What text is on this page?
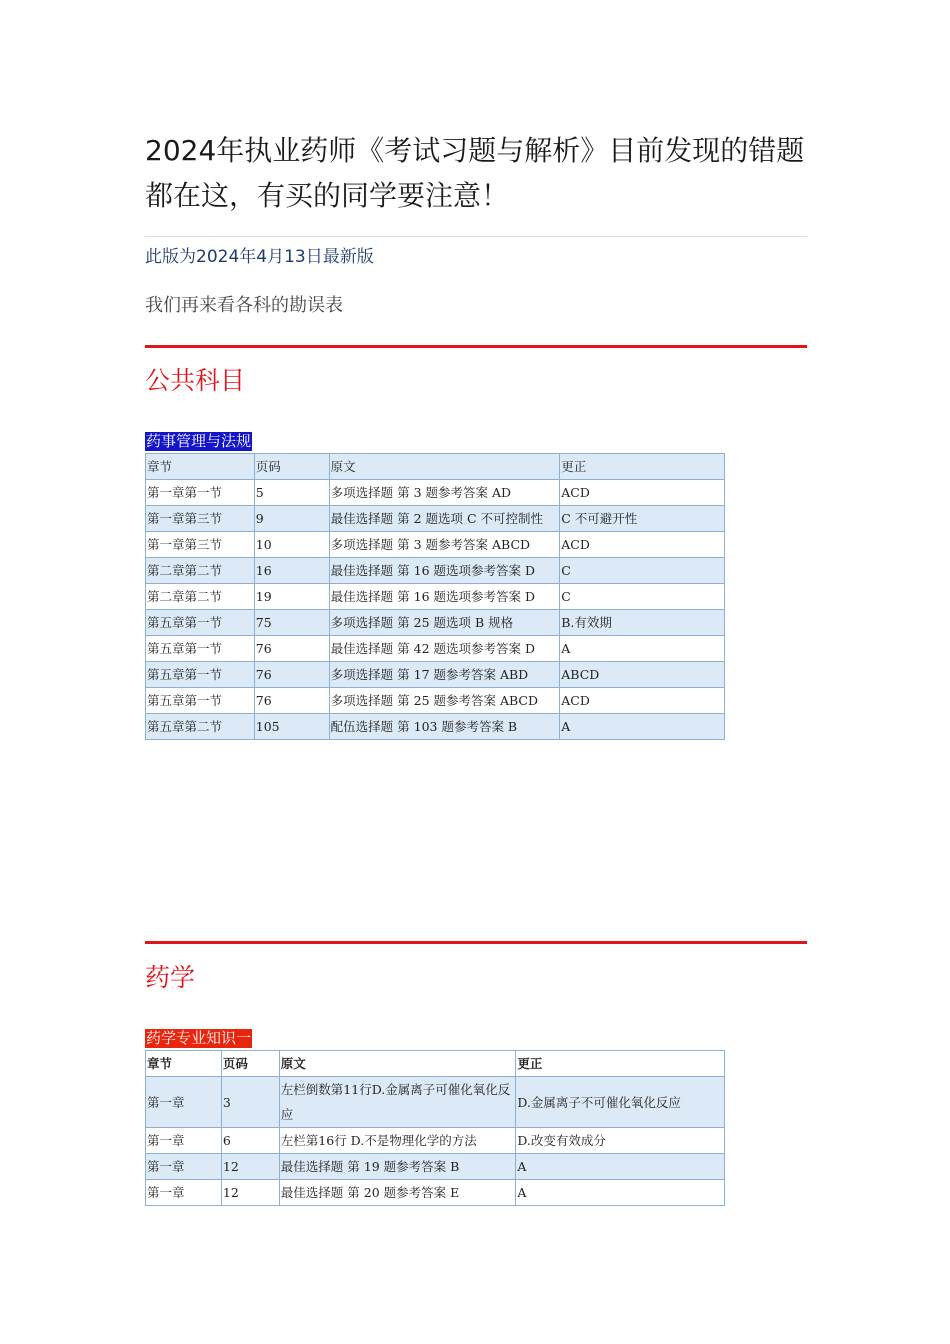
2024年执业药师《考试习题与解析》目前发现的错题都在这，有买的同学要注意！
此版为2024年4月13日最新版
我们再来看各科的勘误表
公共科目
药事管理与法规
章节	页码	原文	更正
第一章第一节	5	多项选择题 第 3 题参考答案 AD	ACD
第一章第三节	9	最佳选择题 第 2 题选项 C 不可控制性	C 不可避开性
第一章第三节	10	多项选择题 第 3 题参考答案 ABCD	ACD
第二章第二节	16	最佳选择题 第 16 题选项参考答案 D	C
第二章第二节	19	最佳选择题 第 16 题选项参考答案 D	C
第五章第一节	75	多项选择题 第 25 题选项 B 规格	B.有效期
第五章第一节	76	最佳选择题 第 42 题选项参考答案 D	A
第五章第一节	76	多项选择题 第 17 题参考答案 ABD	ABCD
第五章第一节	76	多项选择题 第 25 题参考答案 ABCD	ACD
第五章第二节	105	配伍选择题 第 103 题参考答案 B	A
药学
药学专业知识一
章节	页码	原文	更正
第一章	3	左栏倒数第11行D.金属离子可催化氧化反应	D.金属离子不可催化氧化反应
第一章	6	左栏第16行 D.不是物理化学的方法	D.改变有效成分
第一章	12	最佳选择题 第 19 题参考答案 B	A
第一章	12	最佳选择题 第 20 题参考答案 E	A
